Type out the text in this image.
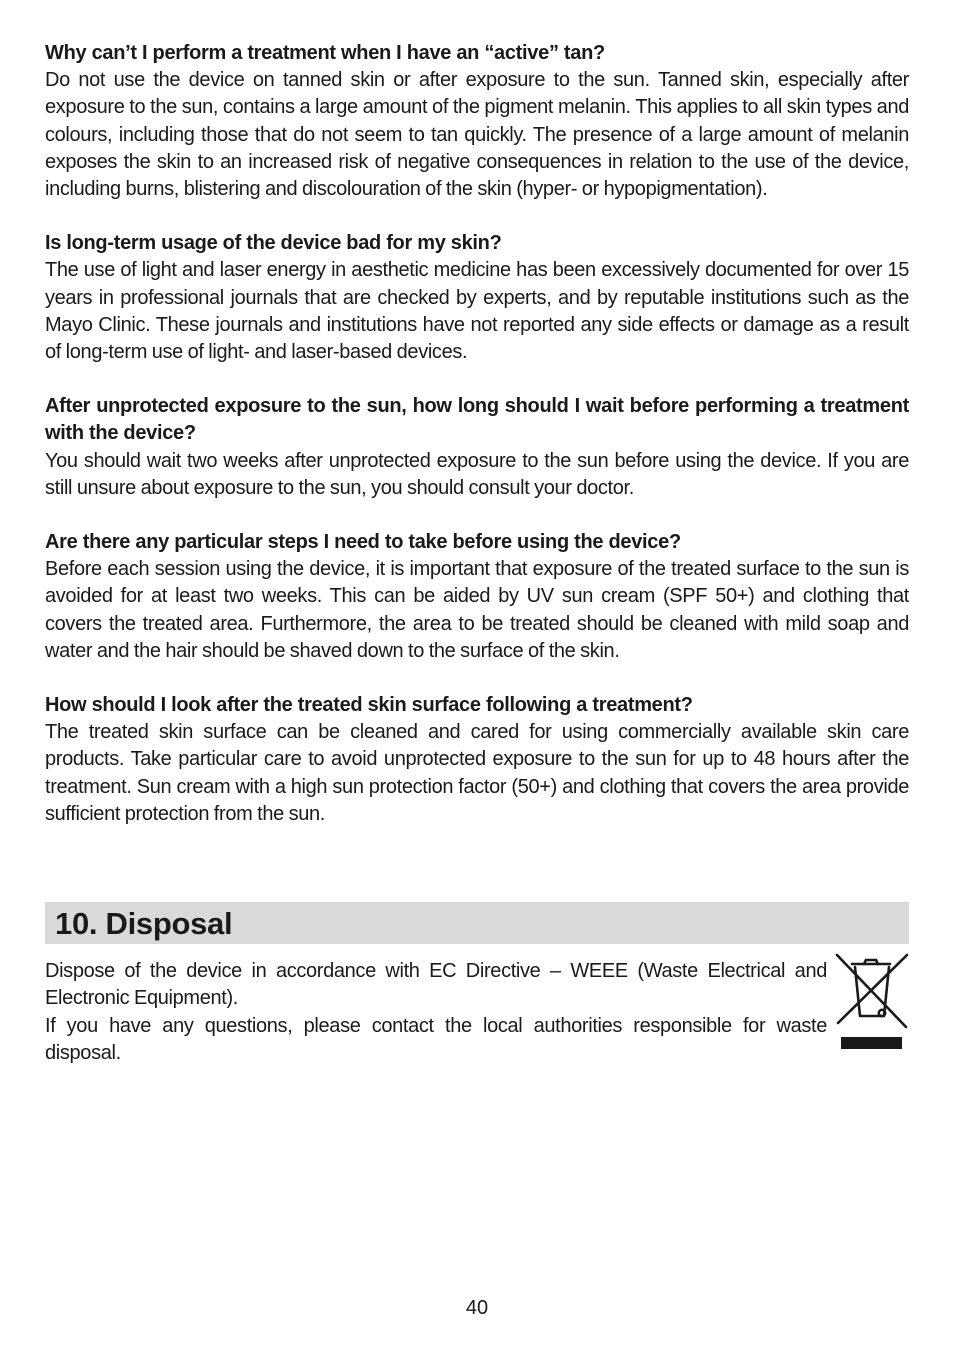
Why can’t I perform a treatment when I have an “active” tan?
Do not use the device on tanned skin or after exposure to the sun. Tanned skin, especially after exposure to the sun, contains a large amount of the pigment melanin. This applies to all skin types and colours, including those that do not seem to tan quickly. The presence of a large amount of melanin exposes the skin to an increased risk of negative consequences in relation to the use of the device, including burns, blistering and discolouration of the skin (hyper- or hypopigmentation).
Is long-term usage of the device bad for my skin?
The use of light and laser energy in aesthetic medicine has been excessively documented for over 15 years in professional journals that are checked by experts, and by reputable institutions such as the Mayo Clinic. These journals and institutions have not reported any side effects or damage as a result of long-term use of light- and laser-based devices.
After unprotected exposure to the sun, how long should I wait before performing a treatment with the device?
You should wait two weeks after unprotected exposure to the sun before using the device. If you are still unsure about exposure to the sun, you should consult your doctor.
Are there any particular steps I need to take before using the device?
Before each session using the device, it is important that exposure of the treated surface to the sun is avoided for at least two weeks. This can be aided by UV sun cream (SPF 50+) and clothing that covers the treated area. Furthermore, the area to be treated should be cleaned with mild soap and water and the hair should be shaved down to the surface of the skin.
How should I look after the treated skin surface following a treatment?
The treated skin surface can be cleaned and cared for using commercially available skin care products. Take particular care to avoid unprotected exposure to the sun for up to 48 hours after the treatment. Sun cream with a high sun protection factor (50+) and clothing that covers the area provide sufficient protection from the sun.
10. Disposal

Dispose of the device in accordance with EC Directive – WEEE (Waste Electrical and Electronic Equipment).

If you have any questions, please contact the local authorities responsible for waste disposal.

40
